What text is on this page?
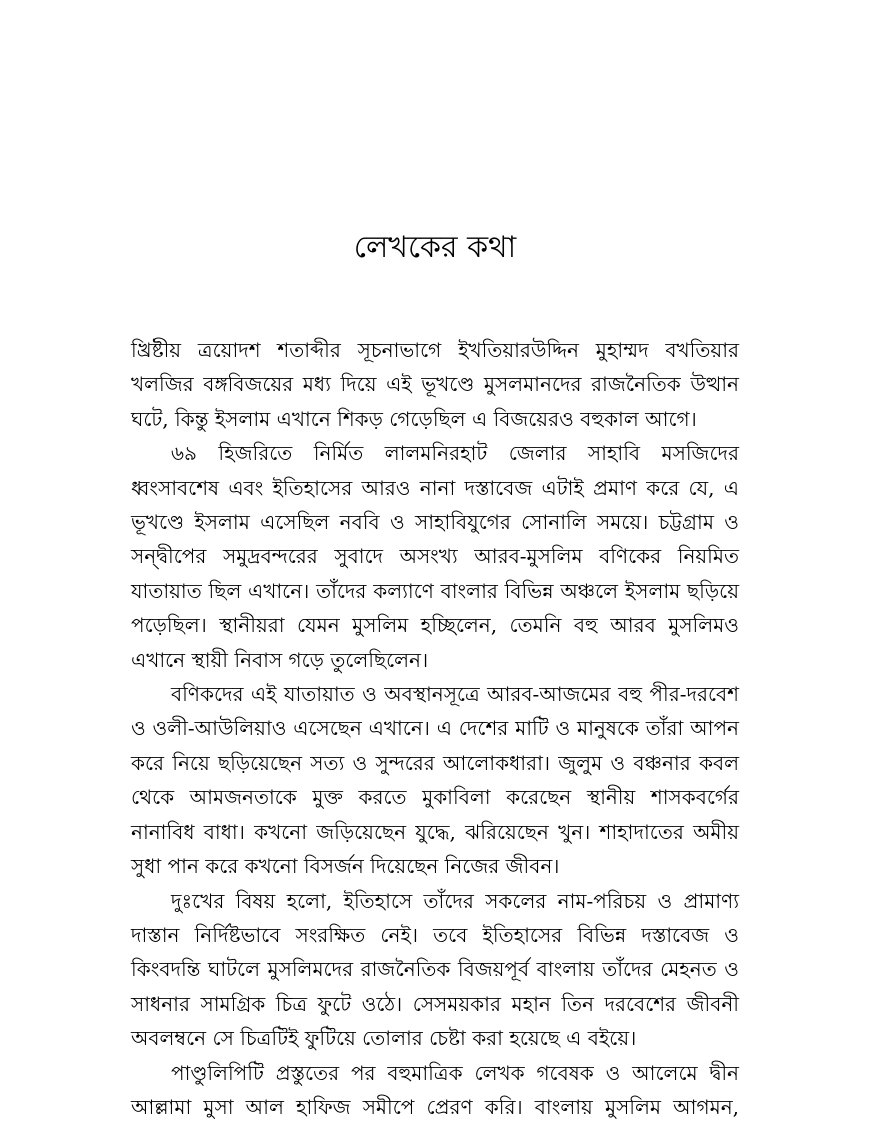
লেখকের কথা

খ্রিষ্টীয় ত্রয়োদশ শতাব্দীর সূচনাভাগে ইখতিয়ারউদ্দিন মুহাম্মদ বখতিয়ার খলজির বঙ্গবিজয়ের মধ্য দিয়ে এই ভূখণ্ডে মুসলমানদের রাজনৈতিক উত্থান ঘটে, কিন্তু ইসলাম এখানে শিকড় গেড়েছিল এ বিজয়েরও বহুকাল আগে।

৬৯ হিজরিতে নির্মিত লালমনিরহাট জেলার সাহাবি মসজিদের ধ্বংসাবশেষ এবং ইতিহাসের আরও নানা দস্তাবেজ এটাই প্রমাণ করে যে, এ ভূখণ্ডে ইসলাম এসেছিল নববি ও সাহাবিযুগের সোনালি সময়ে। চট্টগ্রাম ও সন্দ্বীপের সমুদ্রবন্দরের সুবাদে অসংখ্য আরব-মুসলিম বণিকের নিয়মিত যাতায়াত ছিল এখানে। তাঁদের কল্যাণে বাংলার বিভিন্ন অঞ্চলে ইসলাম ছড়িয়ে পড়েছিল। স্থানীয়রা যেমন মুসলিম হচ্ছিলেন, তেমনি বহু আরব মুসলিমও এখানে স্থায়ী নিবাস গড়ে তুলেছিলেন।

বণিকদের এই যাতায়াত ও অবস্থানসূত্রে আরব-আজমের বহু পীর-দরবেশ ও ওলী-আউলিয়াও এসেছেন এখানে। এ দেশের মাটি ও মানুষকে তাঁরা আপন করে নিয়ে ছড়িয়েছেন সত্য ও সুন্দরের আলোকধারা। জুলুম ও বঞ্চনার কবল থেকে আমজনতাকে মুক্ত করতে মুকাবিলা করেছেন স্থানীয় শাসকবর্গের নানাবিধ বাধা। কখনো জড়িয়েছেন যুদ্ধে, ঝরিয়েছেন খুন। শাহাদাতের অমীয় সুধা পান করে কখনো বিসর্জন দিয়েছেন নিজের জীবন।

দুঃখের বিষয় হলো, ইতিহাসে তাঁদের সকলের নাম-পরিচয় ও প্রামাণ্য দাস্তান নির্দিষ্টভাবে সংরক্ষিত নেই। তবে ইতিহাসের বিভিন্ন দস্তাবেজ ও কিংবদন্তি ঘাটলে মুসলিমদের রাজনৈতিক বিজয়পূর্ব বাংলায় তাঁদের মেহনত ও সাধনার সামগ্রিক চিত্র ফুটে ওঠে। সেসময়কার মহান তিন দরবেশের জীবনী অবলম্বনে সে চিত্রটিই ফুটিয়ে তোলার চেষ্টা করা হয়েছে এ বইয়ে।

পাণ্ডুলিপিটি প্রস্তুতের পর বহুমাত্রিক লেখক গবেষক ও আলেমে দ্বীন আল্লামা মুসা আল হাফিজ সমীপে প্রেরণ করি। বাংলায় মুসলিম আগমন,
